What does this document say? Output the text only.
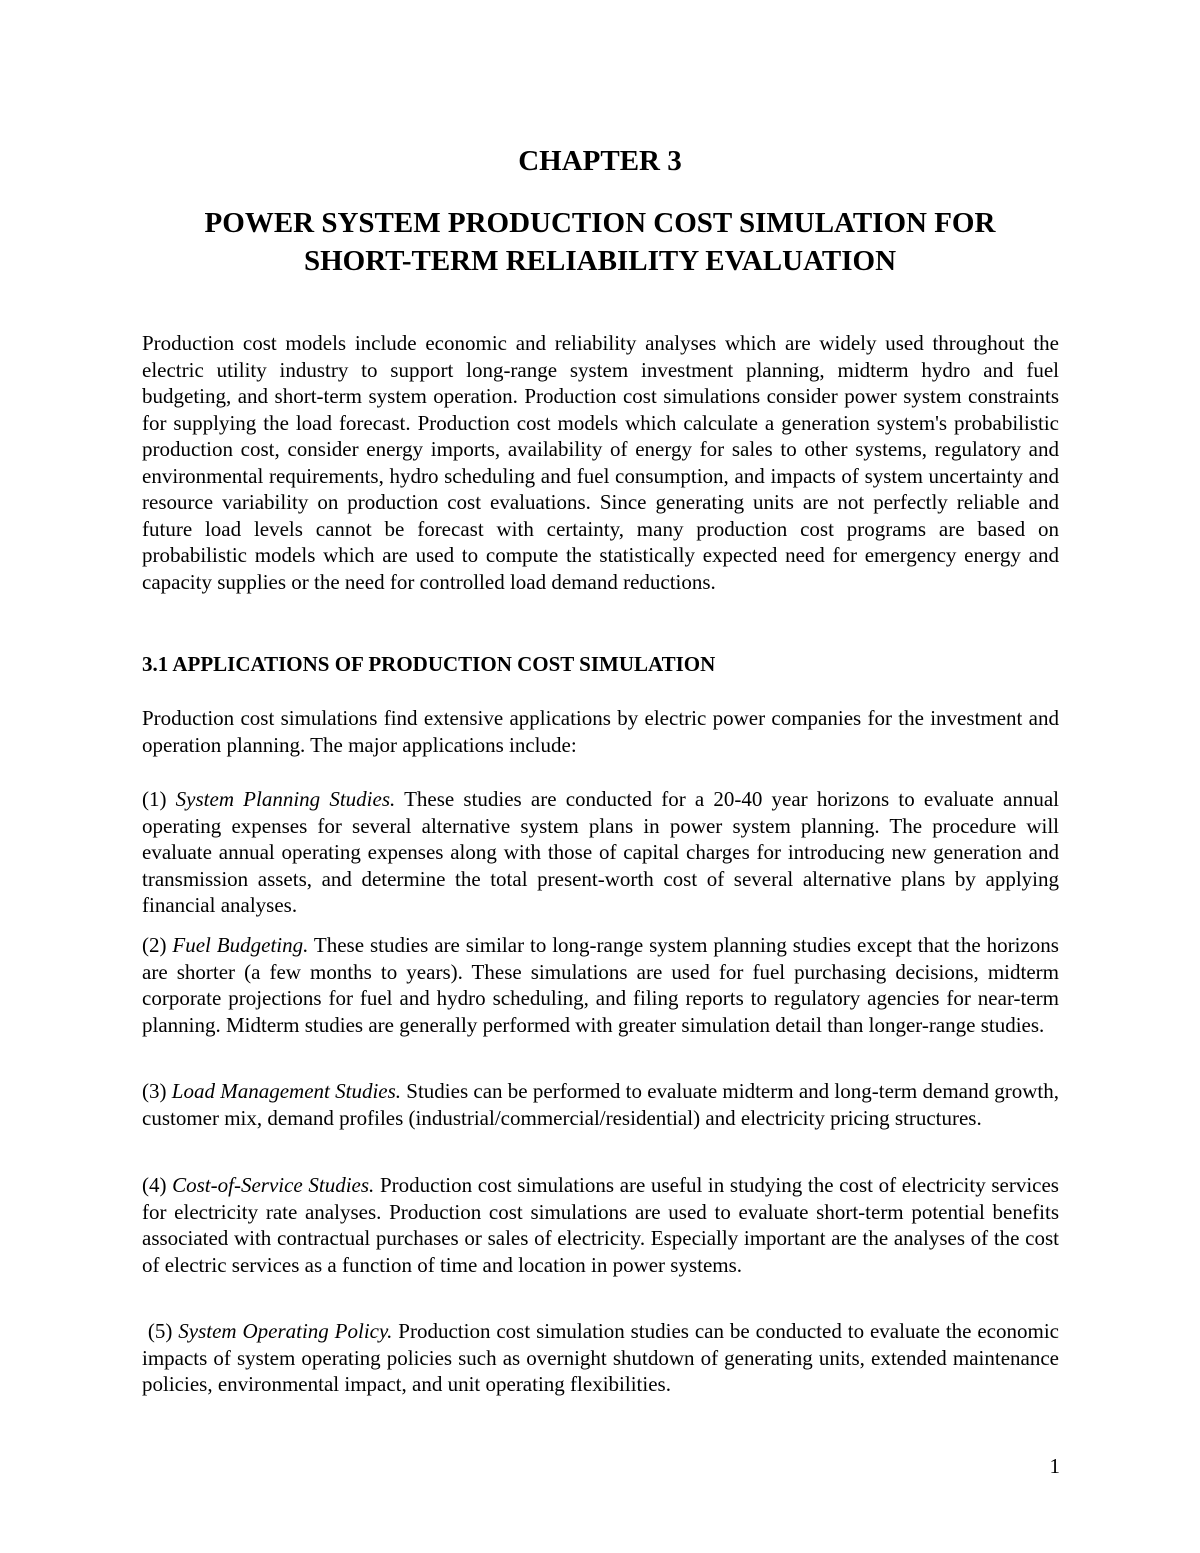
CHAPTER 3
POWER SYSTEM PRODUCTION COST SIMULATION FOR
SHORT-TERM RELIABILITY EVALUATION

Production cost models include economic and reliability analyses which are widely used throughout the electric utility industry to support long-range system investment planning, midterm hydro and fuel budgeting, and short-term system operation. Production cost simulations consider power system constraints for supplying the load forecast. Production cost models which calculate a generation system's probabilistic production cost, consider energy imports, availability of energy for sales to other systems, regulatory and environmental requirements, hydro scheduling and fuel consumption, and impacts of system uncertainty and resource variability on production cost evaluations. Since generating units are not perfectly reliable and future load levels cannot be forecast with certainty, many production cost programs are based on probabilistic models which are used to compute the statistically expected need for emergency energy and capacity supplies or the need for controlled load demand reductions.

3.1 APPLICATIONS OF PRODUCTION COST SIMULATION

Production cost simulations find extensive applications by electric power companies for the investment and operation planning. The major applications include:

(1) System Planning Studies. These studies are conducted for a 20-40 year horizons to evaluate annual operating expenses for several alternative system plans in power system planning. The procedure will evaluate annual operating expenses along with those of capital charges for introducing new generation and transmission assets, and determine the total present-worth cost of several alternative plans by applying financial analyses.

(2) Fuel Budgeting. These studies are similar to long-range system planning studies except that the horizons are shorter (a few months to years). These simulations are used for fuel purchasing decisions, midterm corporate projections for fuel and hydro scheduling, and filing reports to regulatory agencies for near-term planning. Midterm studies are generally performed with greater simulation detail than longer-range studies.

(3) Load Management Studies. Studies can be performed to evaluate midterm and long-term demand growth, customer mix, demand profiles (industrial/commercial/residential) and electricity pricing structures.

(4) Cost-of-Service Studies. Production cost simulations are useful in studying the cost of electricity services for electricity rate analyses. Production cost simulations are used to evaluate short-term potential benefits associated with contractual purchases or sales of electricity. Especially important are the analyses of the cost of electric services as a function of time and location in power systems.

(5) System Operating Policy. Production cost simulation studies can be conducted to evaluate the economic impacts of system operating policies such as overnight shutdown of generating units, extended maintenance policies, environmental impact, and unit operating flexibilities.

1
